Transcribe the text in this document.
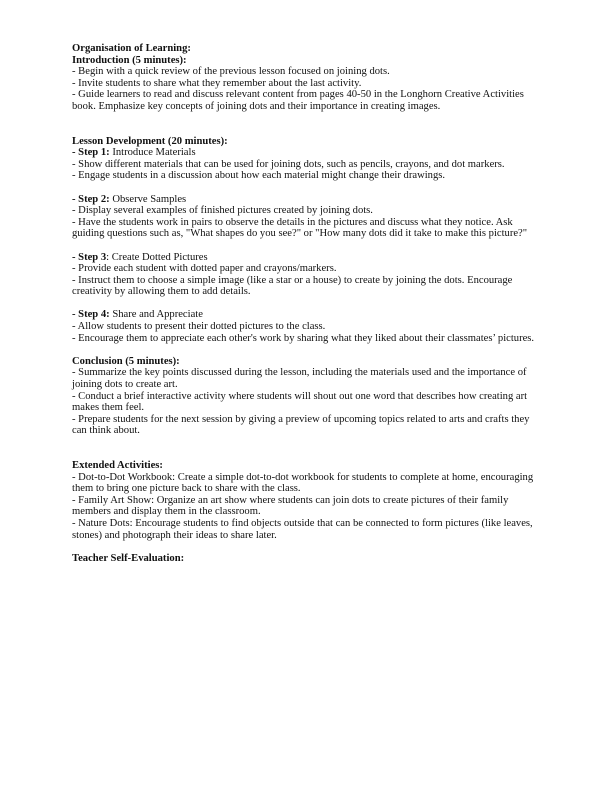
Organisation of Learning:

Introduction (5 minutes):

- Begin with a quick review of the previous lesson focused on joining dots.

- Invite students to share what they remember about the last activity.

- Guide learners to read and discuss relevant content from pages 40-50 in the Longhorn Creative Activities book. Emphasize key concepts of joining dots and their importance in creating images.

Lesson Development (20 minutes):

- Step 1: Introduce Materials

- Show different materials that can be used for joining dots, such as pencils, crayons, and dot markers.

- Engage students in a discussion about how each material might change their drawings.

- Step 2: Observe Samples

- Display several examples of finished pictures created by joining dots.

- Have the students work in pairs to observe the details in the pictures and discuss what they notice. Ask guiding questions such as, "What shapes do you see?" or "How many dots did it take to make this picture?"

- Step 3: Create Dotted Pictures

- Provide each student with dotted paper and crayons/markers.

- Instruct them to choose a simple image (like a star or a house) to create by joining the dots. Encourage creativity by allowing them to add details.

- Step 4: Share and Appreciate

- Allow students to present their dotted pictures to the class.

- Encourage them to appreciate each other's work by sharing what they liked about their classmates’ pictures.

Conclusion (5 minutes):

- Summarize the key points discussed during the lesson, including the materials used and the importance of joining dots to create art.

- Conduct a brief interactive activity where students will shout out one word that describes how creating art makes them feel.

- Prepare students for the next session by giving a preview of upcoming topics related to arts and crafts they can think about.

Extended Activities:

- Dot-to-Dot Workbook: Create a simple dot-to-dot workbook for students to complete at home, encouraging them to bring one picture back to share with the class.

- Family Art Show: Organize an art show where students can join dots to create pictures of their family members and display them in the classroom.

- Nature Dots: Encourage students to find objects outside that can be connected to form pictures (like leaves, stones) and photograph their ideas to share later.

Teacher Self-Evaluation:
